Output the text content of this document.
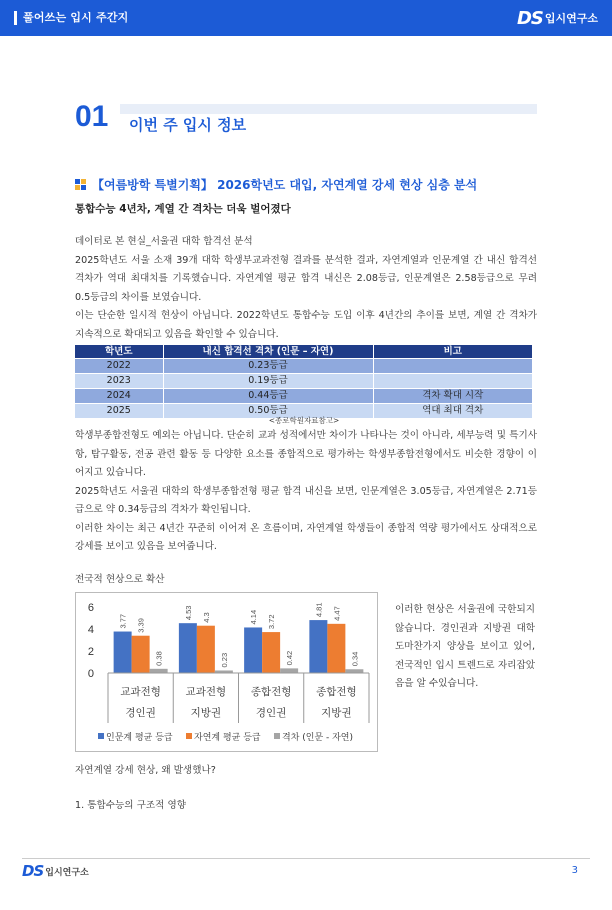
풀어쓰는 입시 주간지	DS 입시연구소
01 이번 주 입시 정보
【여름방학 특별기획】 2026학년도 대입, 자연계열 강세 현상 심층 분석
통합수능 4년차, 계열 간 격차는 더욱 벌어졌다
데이터로 본 현실_서울권 대학 합격선 분석
2025학년도 서울 소재 39개 대학 학생부교과전형 결과를 분석한 결과, 자연계열과 인문계열 간 내신 합격선 격차가 역대 최대치를 기록했습니다. 자연계열 평균 합격 내신은 2.08등급, 인문계열은 2.58등급으로 무려 0.5등급의 차이를 보였습니다.
이는 단순한 일시적 현상이 아닙니다. 2022학년도 통합수능 도입 이후 4년간의 추이를 보면, 계열 간 격차가 지속적으로 확대되고 있음을 확인할 수 있습니다.
학년도	내신 합격선 격차 (인문 – 자연)	비고
2022	0.23등급	
2023	0.19등급	
2024	0.44등급	격차 확대 시작
2025	0.50등급	역대 최대 격차
<종로학원자료참고>
학생부종합전형도 예외는 아닙니다. 단순히 교과 성적에서만 차이가 나타나는 것이 아니라, 세부능력 및 특기사항, 탐구활동, 전공 관련 활동 등 다양한 요소를 종합적으로 평가하는 학생부종합전형에서도 비슷한 경향이 이어지고 있습니다.
2025학년도 서울권 대학의 학생부종합전형 평균 합격 내신을 보면, 인문계열은 3.05등급, 자연계열은 2.71등급으로 약 0.34등급의 격차가 확인됩니다.
이러한 차이는 최근 4년간 꾸준히 이어져 온 흐름이며, 자연계열 학생들이 종합적 역량 평가에서도 상대적으로 강세를 보이고 있음을 보여줍니다.
전국적 현상으로 확산
0
2
4
6
3.77 3.39
0.38
교과전형
경인권
4.53 4.3
0.23
교과전형
지방권
4.14 3.72
0.42
종합전형
경인권
4.81 4.47
0.34
종합전형
지방권
인문계 평균 등급 자연계 평균 등급 격차 (인문 - 자연)
이러한 현상은 서울권에 국한되지 않습니다. 경인권과 지방권 대학도마찬가지 양상을 보이고 있어, 전국적인 입시 트렌드로 자리잡았음을 알 수있습니다.
자연계열 강세 현상, 왜 발생했나?
1. 통합수능의 구조적 영향
DS 입시연구소	3
